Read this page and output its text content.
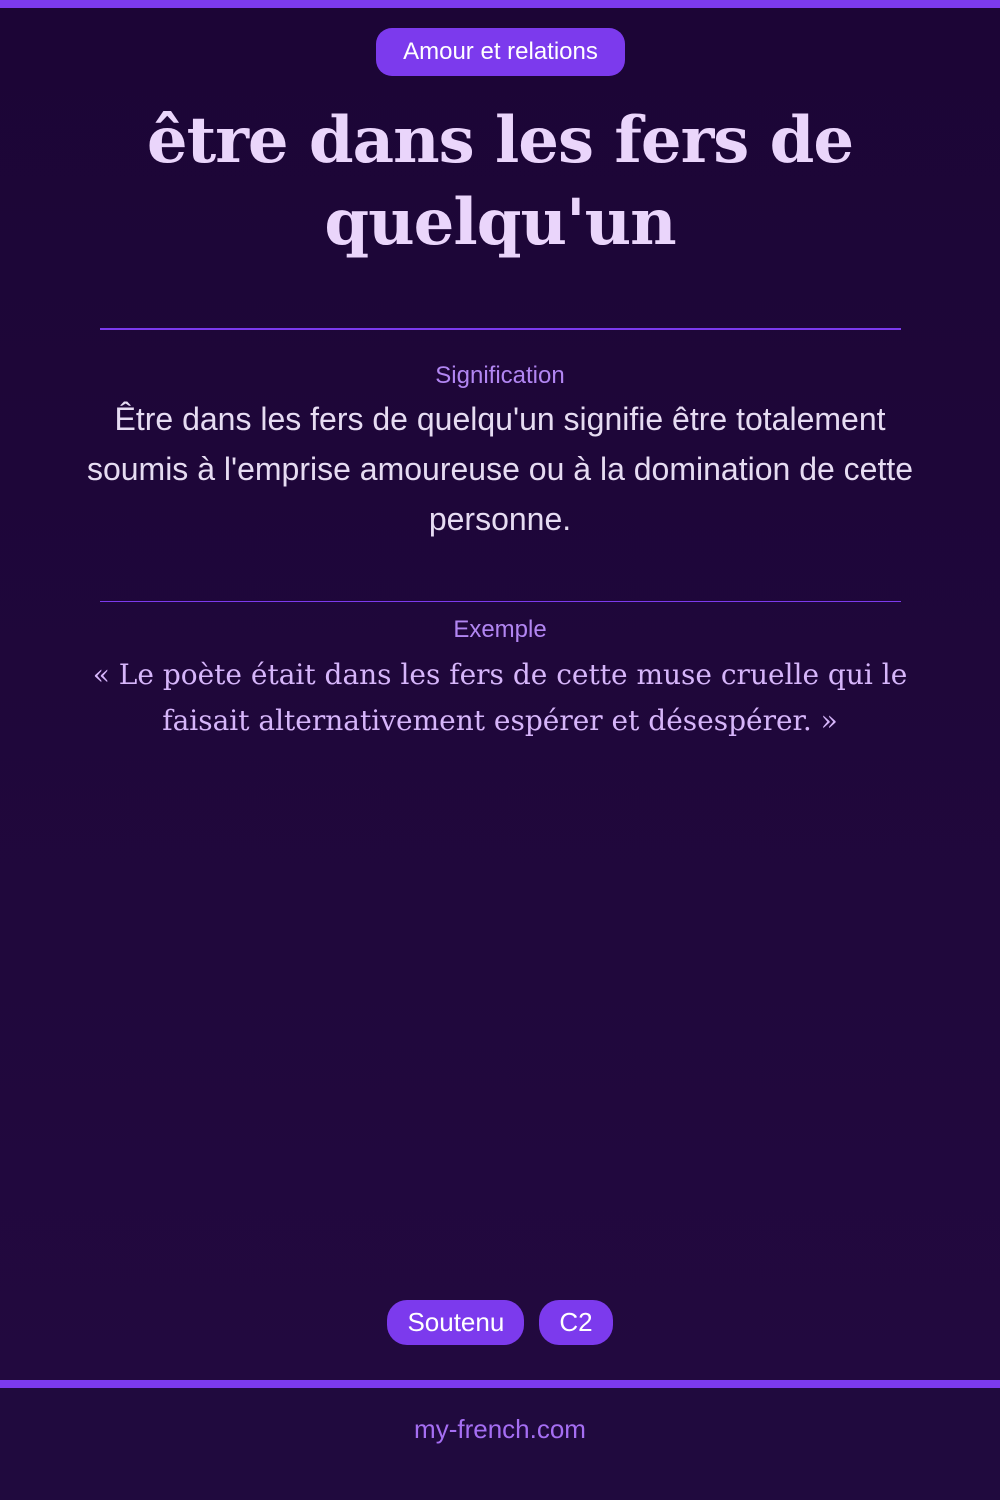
Amour et relations
être dans les fers de quelqu'un
Signification

Être dans les fers de quelqu'un signifie être totalement soumis à l'emprise amoureuse ou à la domination de cette personne.

Exemple

« Le poète était dans les fers de cette muse cruelle qui le faisait alternativement espérer et désespérer. »

Soutenu	C2
my-french.com
